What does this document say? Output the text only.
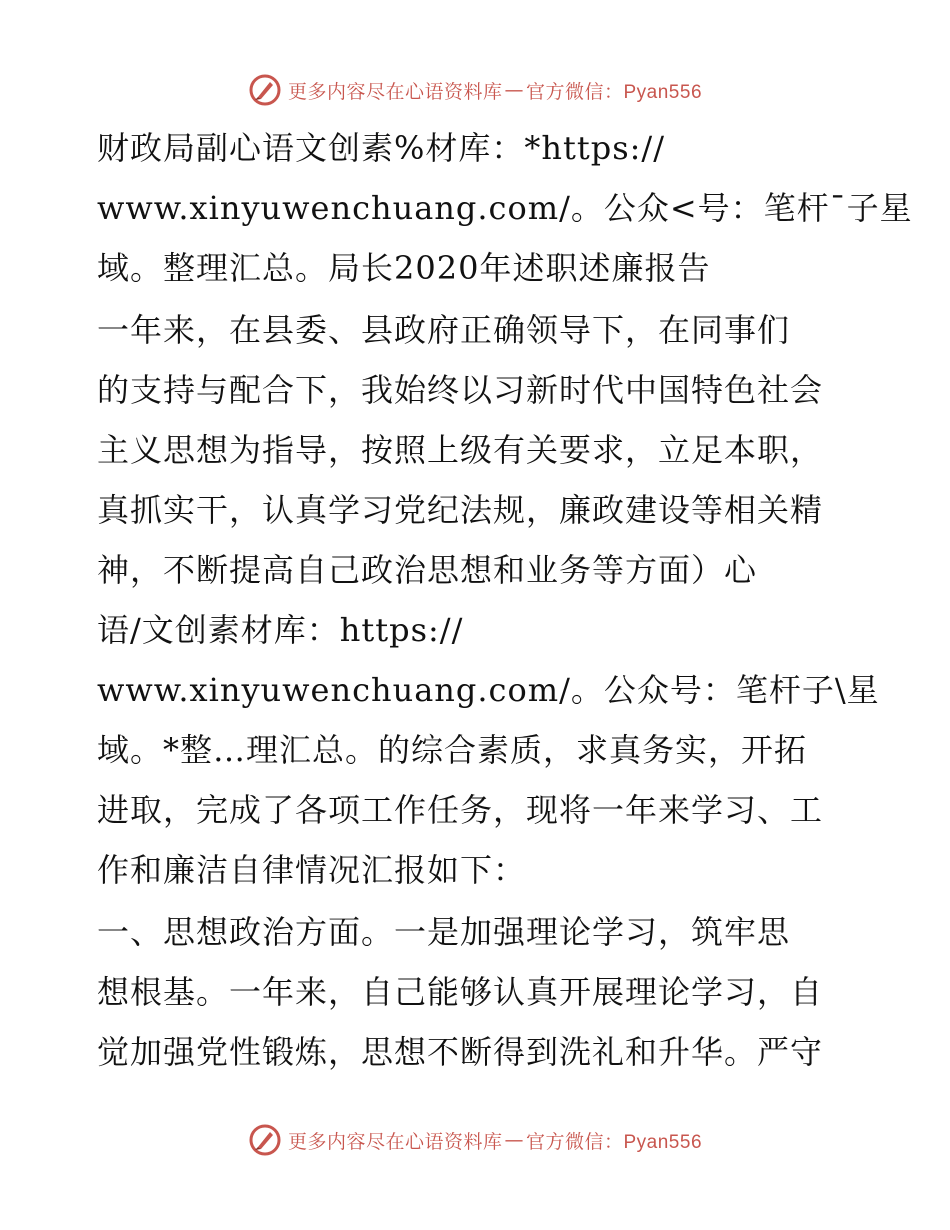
更多内容尽在心语资料库 — 官方微信：Pyan556

财政局副心语文创素%材库：*https://
www.xinyuwenchuang.com/。公众<号：笔杆¯子星
域。整理汇总。局长2020年述职述廉报告

一年来，在县委、县政府正确领导下，在同事们
的支持与配合下，我始终以习新时代中国特色社会
主义思想为指导，按照上级有关要求，立足本职，
真抓实干，认真学习党纪法规，廉政建设等相关精
神，不断提高自己政治思想和业务等方面）心
语/文创素材库：https://
www.xinyuwenchuang.com/。公众号：笔杆子\星
域。*整…理汇总。的综合素质，求真务实，开拓
进取，完成了各项工作任务，现将一年来学习、工
作和廉洁自律情况汇报如下：

一、思想政治方面。一是加强理论学习，筑牢思
想根基。一年来，自己能够认真开展理论学习，自
觉加强党性锻炼，思想不断得到洗礼和升华。严守

更多内容尽在心语资料库 — 官方微信：Pyan556
